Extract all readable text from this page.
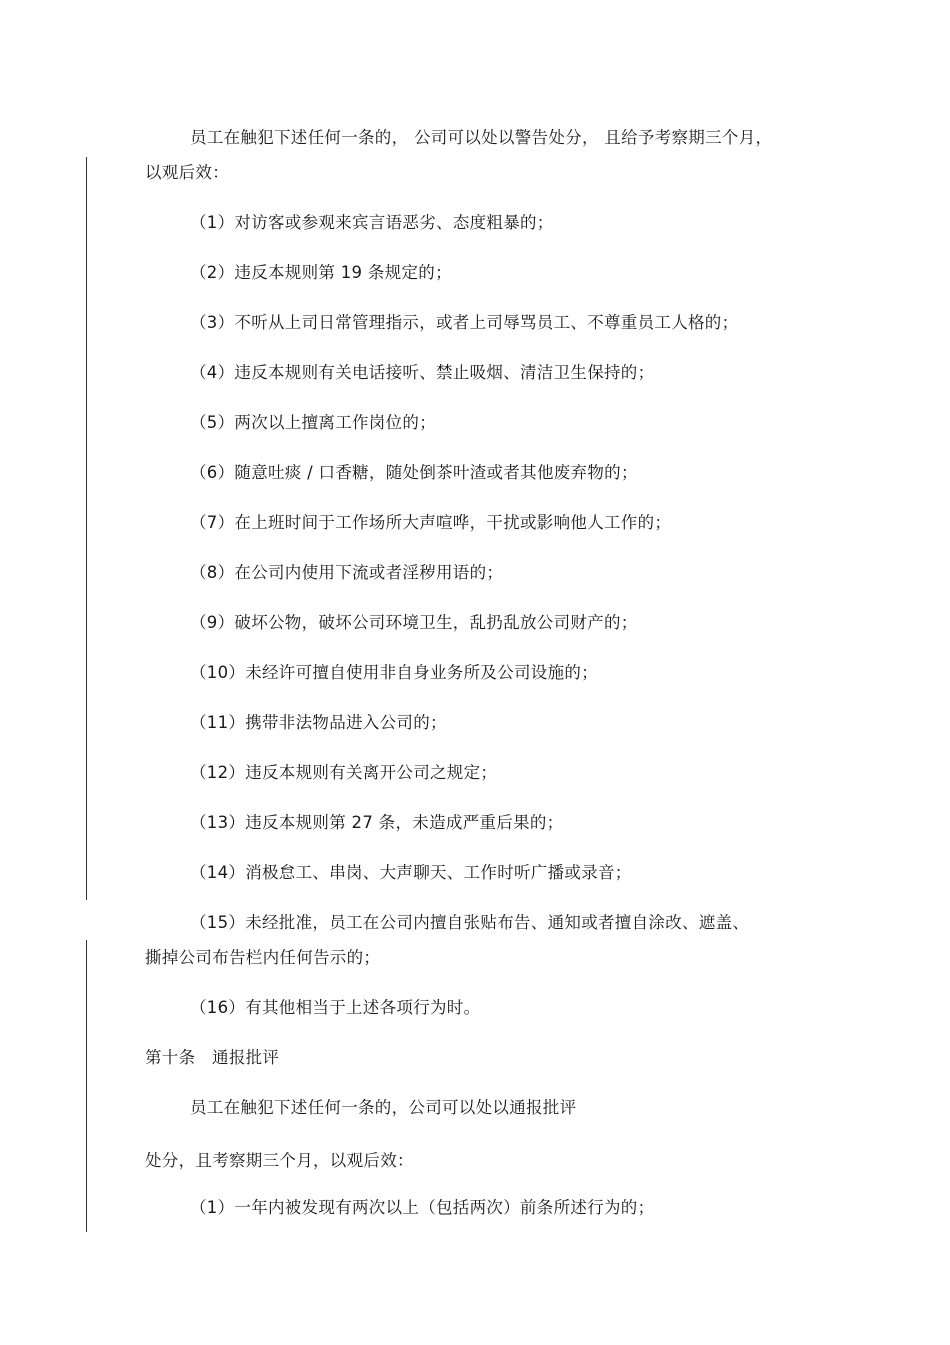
员工在触犯下述任何一条的， 公司可以处以警告处分， 且给予考察期三个月，
以观后效：
（1）对访客或参观来宾言语恶劣、态度粗暴的；
（2）违反本规则第 19 条规定的；
（3）不听从上司日常管理指示，或者上司辱骂员工、不尊重员工人格的；
（4）违反本规则有关电话接听、禁止吸烟、清洁卫生保持的；
（5）两次以上擅离工作岗位的；
（6）随意吐痰 / 口香糖，随处倒茶叶渣或者其他废弃物的；
（7）在上班时间于工作场所大声喧哗，干扰或影响他人工作的；
（8）在公司内使用下流或者淫秽用语的；
（9）破坏公物，破坏公司环境卫生，乱扔乱放公司财产的；
（10）未经许可擅自使用非自身业务所及公司设施的；
（11）携带非法物品进入公司的；
（12）违反本规则有关离开公司之规定；
（13）违反本规则第 27 条，未造成严重后果的；
（14）消极怠工、串岗、大声聊天、工作时听广播或录音；
（15）未经批准，员工在公司内擅自张贴布告、通知或者擅自涂改、遮盖、
撕掉公司布告栏内任何告示的；
（16）有其他相当于上述各项行为时。
第十条   通报批评
员工在触犯下述任何一条的，公司可以处以通报批评
处分，且考察期三个月，以观后效：
（1）一年内被发现有两次以上（包括两次）前条所述行为的；
